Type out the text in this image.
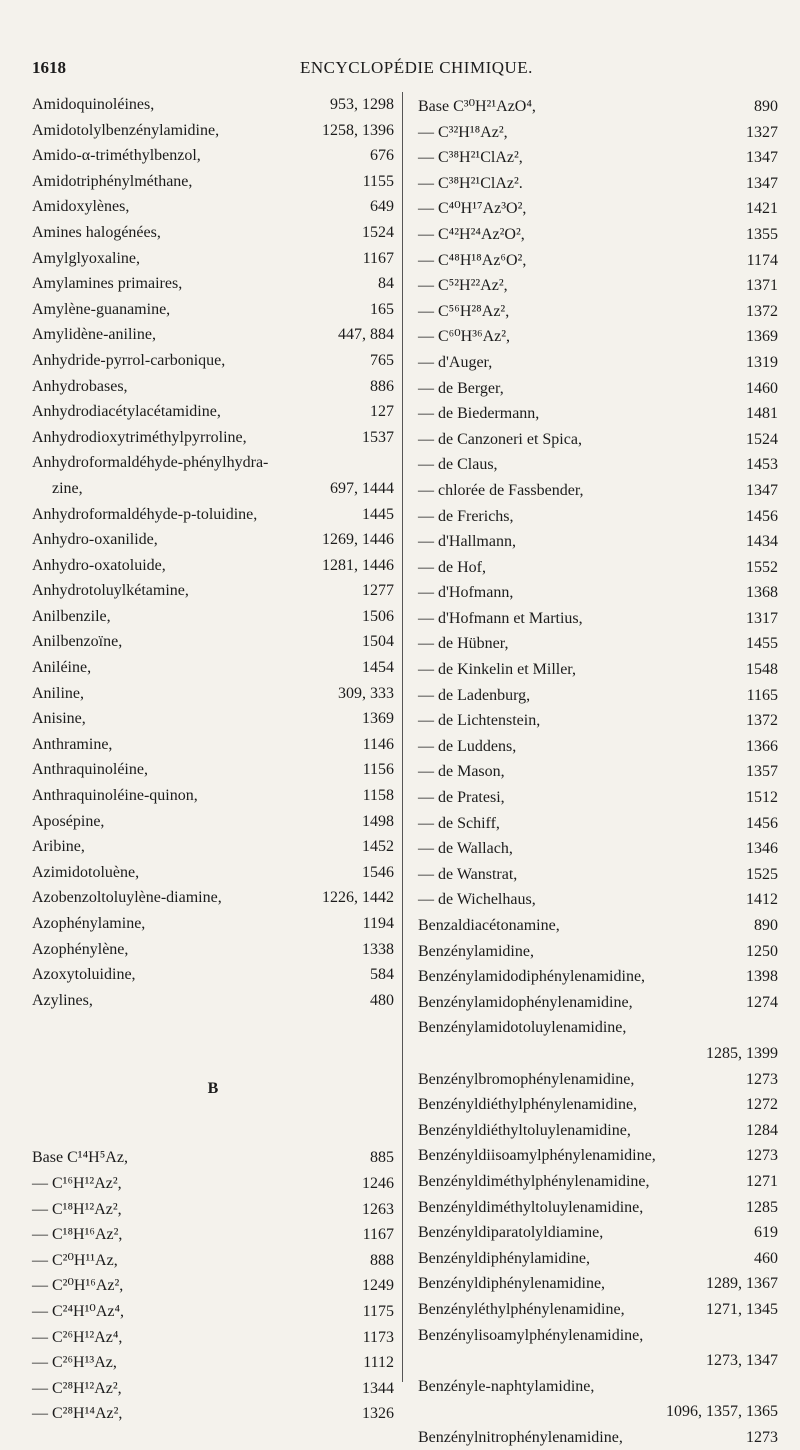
1618	ENCYCLOPÉDIE CHIMIQUE.
Amidoquinoléines,	953, 1298
Amidotolylbenzénylamidine,	1258, 1396
Amido-α-triméthylbenzol,	676
Amidotriphénylméthane,	1155
Amidoxylènes,	649
Amines halogénées,	1524
Amylglyoxaline,	1167
Amylamines primaires,	84
Amylène-guanamine,	165
Amylidène-aniline,	447, 884
Anhydride-pyrrol-carbonique,	765
Anhydrobases,	886
Anhydrodiacétylacétamidine,	127
Anhydrodioxytriméthylpyrroline,	1537
Anhydroformaldéhyde-phénylhydra-
zine,	697, 1444
Anhydroformaldéhyde-p-toluidine,	1445
Anhydro-oxanilide,	1269, 1446
Anhydro-oxatoluide,	1281, 1446
Anhydrotoluylkétamine,	1277
Anilbenzile,	1506
Anilbenzoïne,	1504
Aniléine,	1454
Aniline,	309, 333
Anisine,	1369
Anthramine,	1146
Anthraquinoléine,	1156
Anthraquinoléine-quinon,	1158
Aposépine,	1498
Aribine,	1452
Azimidotoluène,	1546
Azobenzoltoluylène-diamine,	1226, 1442
Azophénylamine,	1194
Azophénylène,	1338
Azoxytoluidine,	584
Azylines,	480
B
Base C¹⁴H⁵Az,	885
— C¹⁶H¹²Az²,	1246
— C¹⁸H¹²Az²,	1263
— C¹⁸H¹⁶Az²,	1167
— C²⁰H¹¹Az,	888
— C²⁰H¹⁶Az²,	1249
— C²⁴H¹⁰Az⁴,	1175
— C²⁶H¹²Az⁴,	1173
— C²⁶H¹³Az,	1112
— C²⁸H¹²Az²,	1344
— C²⁸H¹⁴Az²,	1326
Base C³⁰H²¹AzO⁴,	890
— C³²H¹⁸Az²,	1327
— C³⁸H²¹ClAz²,	1347
— C³⁸H²¹ClAz².	1347
— C⁴⁰H¹⁷Az³O²,	1421
— C⁴²H²⁴Az²O²,	1355
— C⁴⁸H¹⁸Az⁶O²,	1174
— C⁵²H²²Az²,	1371
— C⁵⁶H²⁸Az²,	1372
— C⁶⁰H³⁶Az²,	1369
— d'Auger,	1319
— de Berger,	1460
— de Biedermann,	1481
— de Canzoneri et Spica,	1524
— de Claus,	1453
— chlorée de Fassbender,	1347
— de Frerichs,	1456
— d'Hallmann,	1434
— de Hof,	1552
— d'Hofmann,	1368
— d'Hofmann et Martius,	1317
— de Hübner,	1455
— de Kinkelin et Miller,	1548
— de Ladenburg,	1165
— de Lichtenstein,	1372
— de Luddens,	1366
— de Mason,	1357
— de Pratesi,	1512
— de Schiff,	1456
— de Wallach,	1346
— de Wanstrat,	1525
— de Wichelhaus,	1412
Benzaldiacétonamine,	890
Benzénylamidine,	1250
Benzénylamidodiphénylenamidine,	1398
Benzénylamidophénylenamidine,	1274
Benzénylamidotoluylenamidine,
1285, 1399
Benzénylbromophénylenamidine,	1273
Benzényldiéthylphénylenamidine,	1272
Benzényldiéthyltoluylenamidine,	1284
Benzényldiisoamylphénylenamidine,	1273
Benzényldiméthylphénylenamidine,	1271
Benzényldiméthyltoluylenamidine,	1285
Benzényldiparatolyldiamine,	619
Benzényldiphénylamidine,	460
Benzényldiphénylenamidine,	1289, 1367
Benzényléthylphénylenamidine,	1271, 1345
Benzénylisoamylphénylenamidine,
1273, 1347
Benzényle-naphtylamidine,
1096, 1357, 1365
Benzénylnitrophénylenamidine,	1273
